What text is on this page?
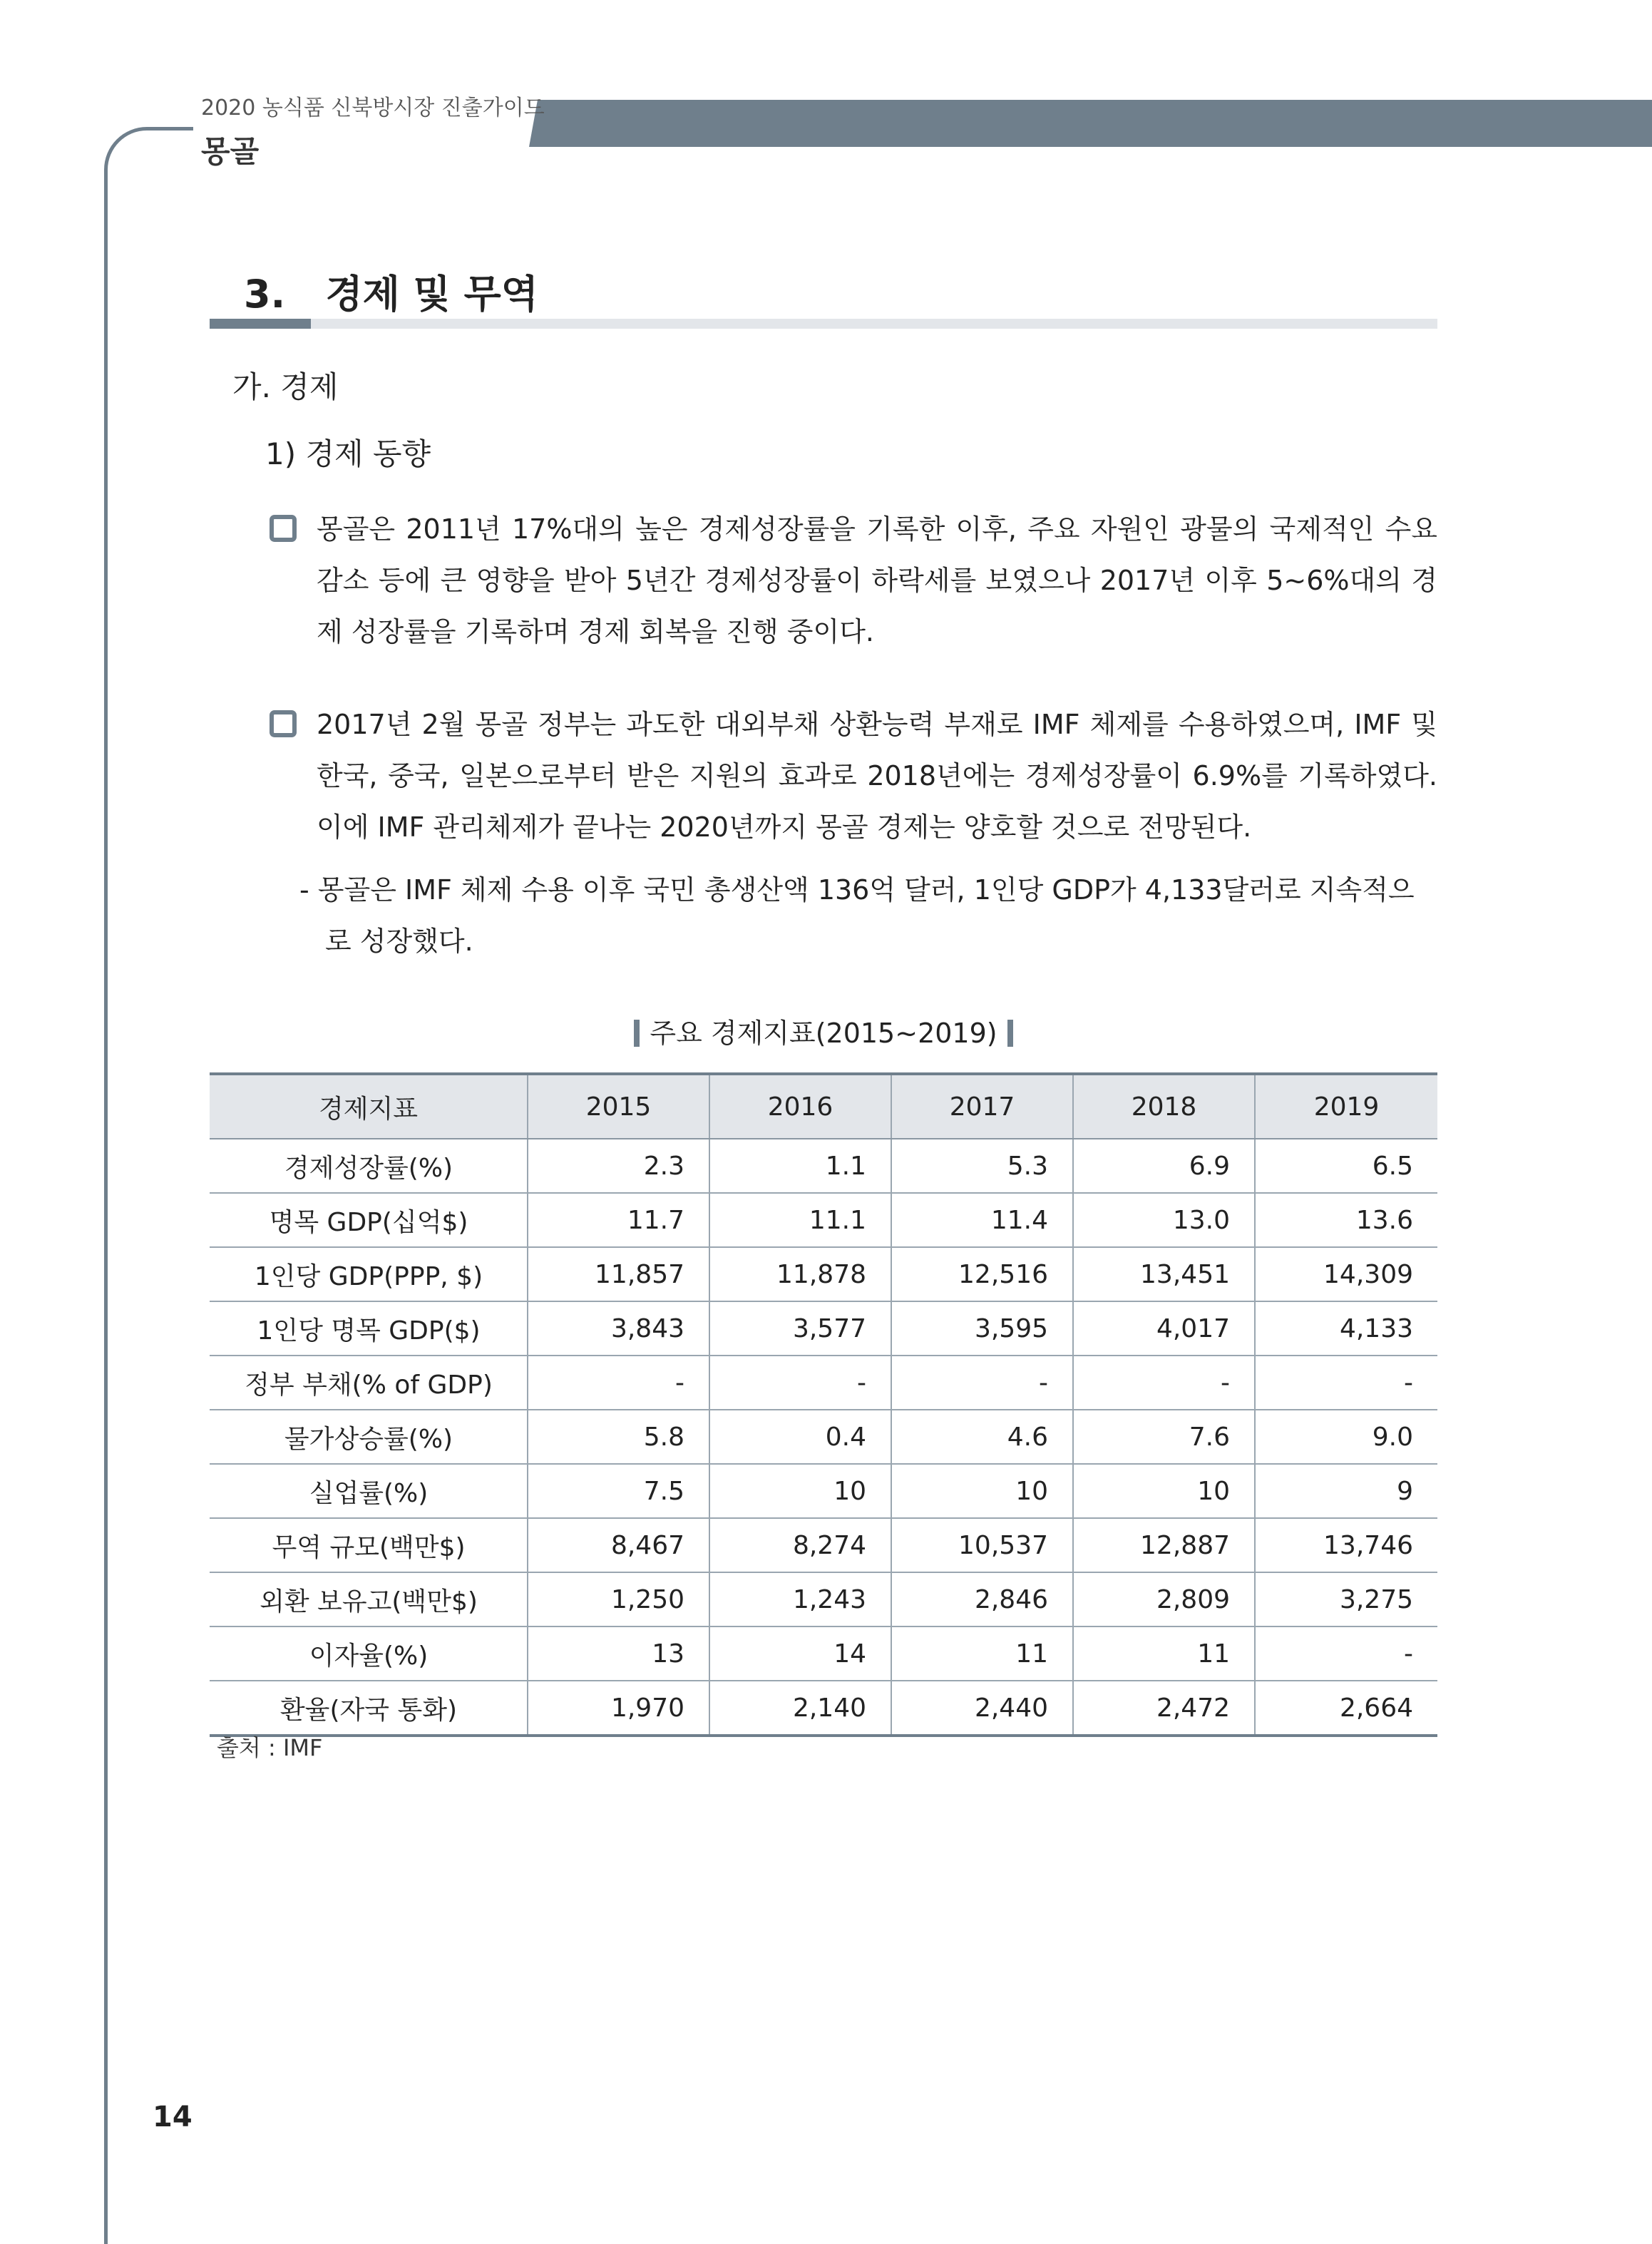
2020 농식품 신북방시장 진출가이드
몽골
3.   경제 및 무역
가. 경제
1) 경제 동향
몽골은 2011년 17%대의 높은 경제성장률을 기록한 이후, 주요 자원인 광물의 국제적인 수요 감소 등에 큰 영향을 받아 5년간 경제성장률이 하락세를 보였으나 2017년 이후 5~6%대의 경제 성장률을 기록하며 경제 회복을 진행 중이다.
2017년 2월 몽골 정부는 과도한 대외부채 상환능력 부재로 IMF 체제를 수용하였으며, IMF 및 한국, 중국, 일본으로부터 받은 지원의 효과로 2018년에는 경제성장률이 6.9%를 기록하였다. 이에 IMF 관리체제가 끝나는 2020년까지 몽골 경제는 양호할 것으로 전망된다.
- 몽골은 IMF 체제 수용 이후 국민 총생산액 136억 달러, 1인당 GDP가 4,133달러로 지속적으로 성장했다.
주요 경제지표(2015~2019)
경제지표	2015	2016	2017	2018	2019
경제성장률(%)	2.3	1.1	5.3	6.9	6.5
명목 GDP(십억$)	11.7	11.1	11.4	13.0	13.6
1인당 GDP(PPP, $)	11,857	11,878	12,516	13,451	14,309
1인당 명목 GDP($)	3,843	3,577	3,595	4,017	4,133
정부 부채(% of GDP)	-	-	-	-	-
물가상승률(%)	5.8	0.4	4.6	7.6	9.0
실업률(%)	7.5	10	10	10	9
무역 규모(백만$)	8,467	8,274	10,537	12,887	13,746
외환 보유고(백만$)	1,250	1,243	2,846	2,809	3,275
이자율(%)	13	14	11	11	-
환율(자국 통화)	1,970	2,140	2,440	2,472	2,664
출처 : IMF
14
